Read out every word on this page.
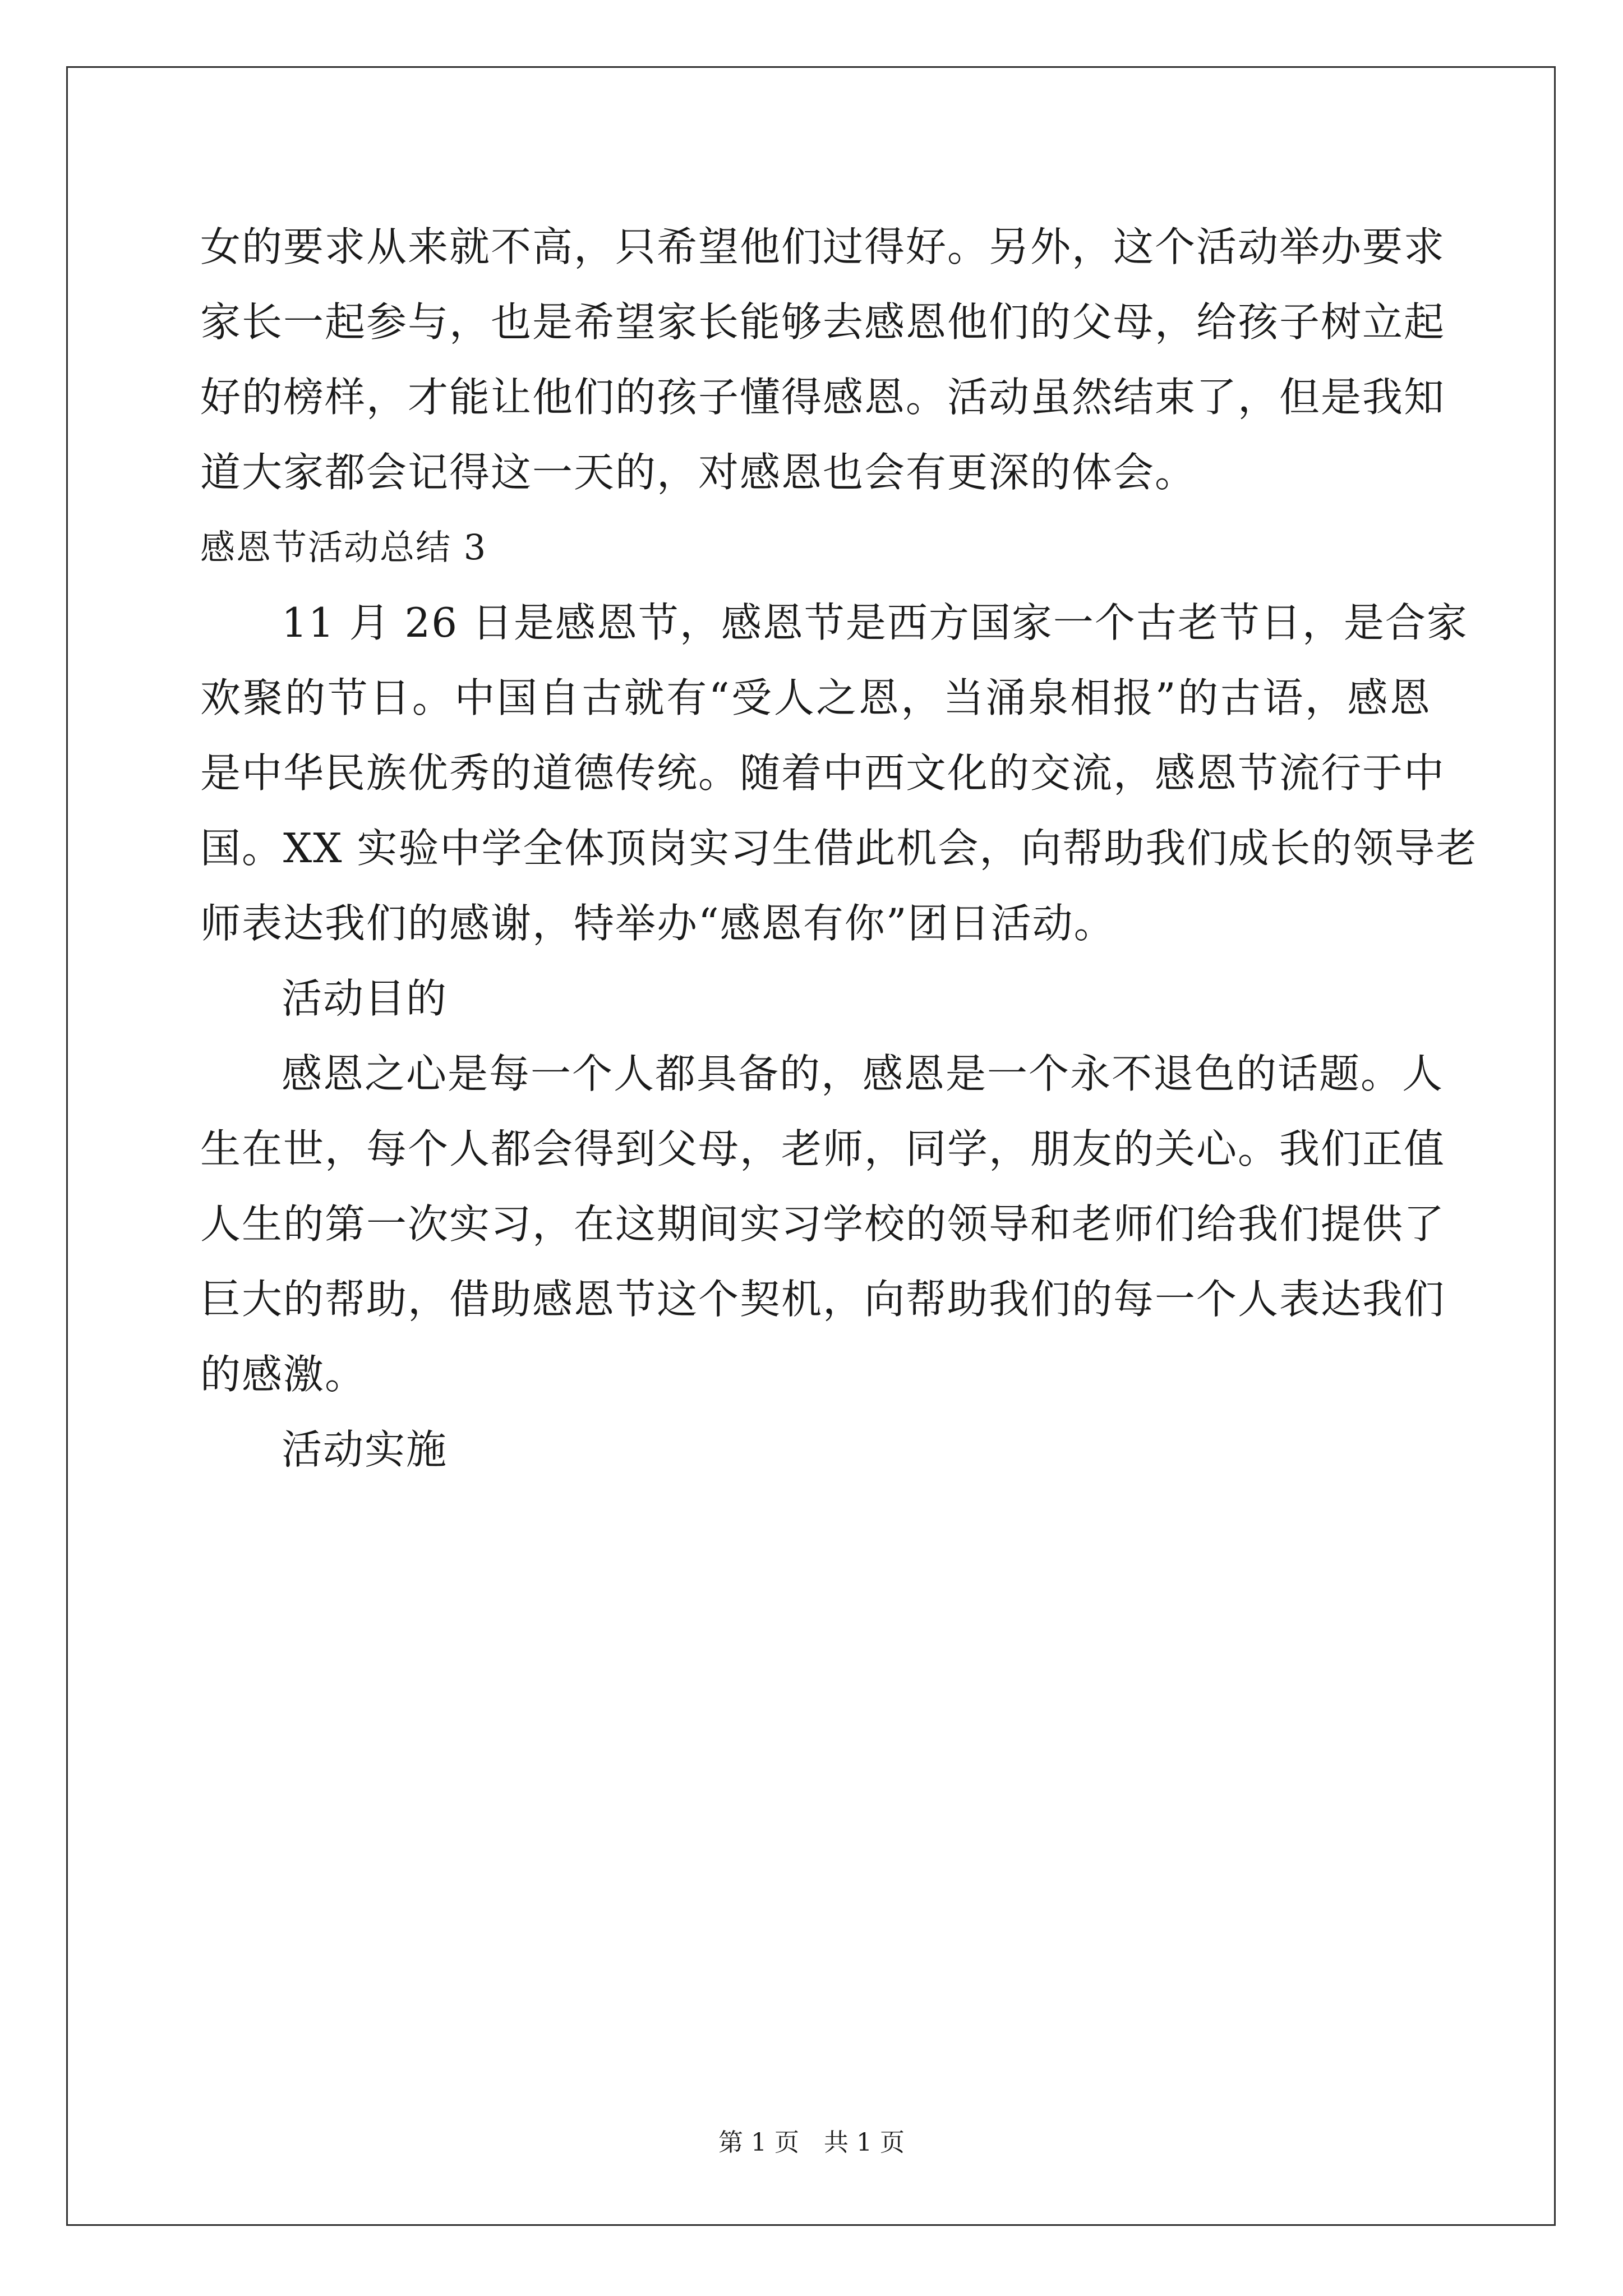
女的要求从来就不高，只希望他们过得好。另外，这个活动举办要求
家长一起参与，也是希望家长能够去感恩他们的父母，给孩子树立起
好的榜样，才能让他们的孩子懂得感恩。活动虽然结束了，但是我知
道大家都会记得这一天的，对感恩也会有更深的体会。
感恩节活动总结 3
11 月 26 日是感恩节，感恩节是西方国家一个古老节日，是合家
欢聚的节日。中国自古就有“受人之恩，当涌泉相报”的古语，感恩
是中华民族优秀的道德传统。随着中西文化的交流，感恩节流行于中
国。XX 实验中学全体顶岗实习生借此机会，向帮助我们成长的领导老
师表达我们的感谢，特举办“感恩有你”团日活动。
活动目的
感恩之心是每一个人都具备的，感恩是一个永不退色的话题。人
生在世，每个人都会得到父母，老师，同学，朋友的关心。我们正值
人生的第一次实习，在这期间实习学校的领导和老师们给我们提供了
巨大的帮助，借助感恩节这个契机，向帮助我们的每一个人表达我们
的感激。
活动实施
第 1 页 共 1 页
